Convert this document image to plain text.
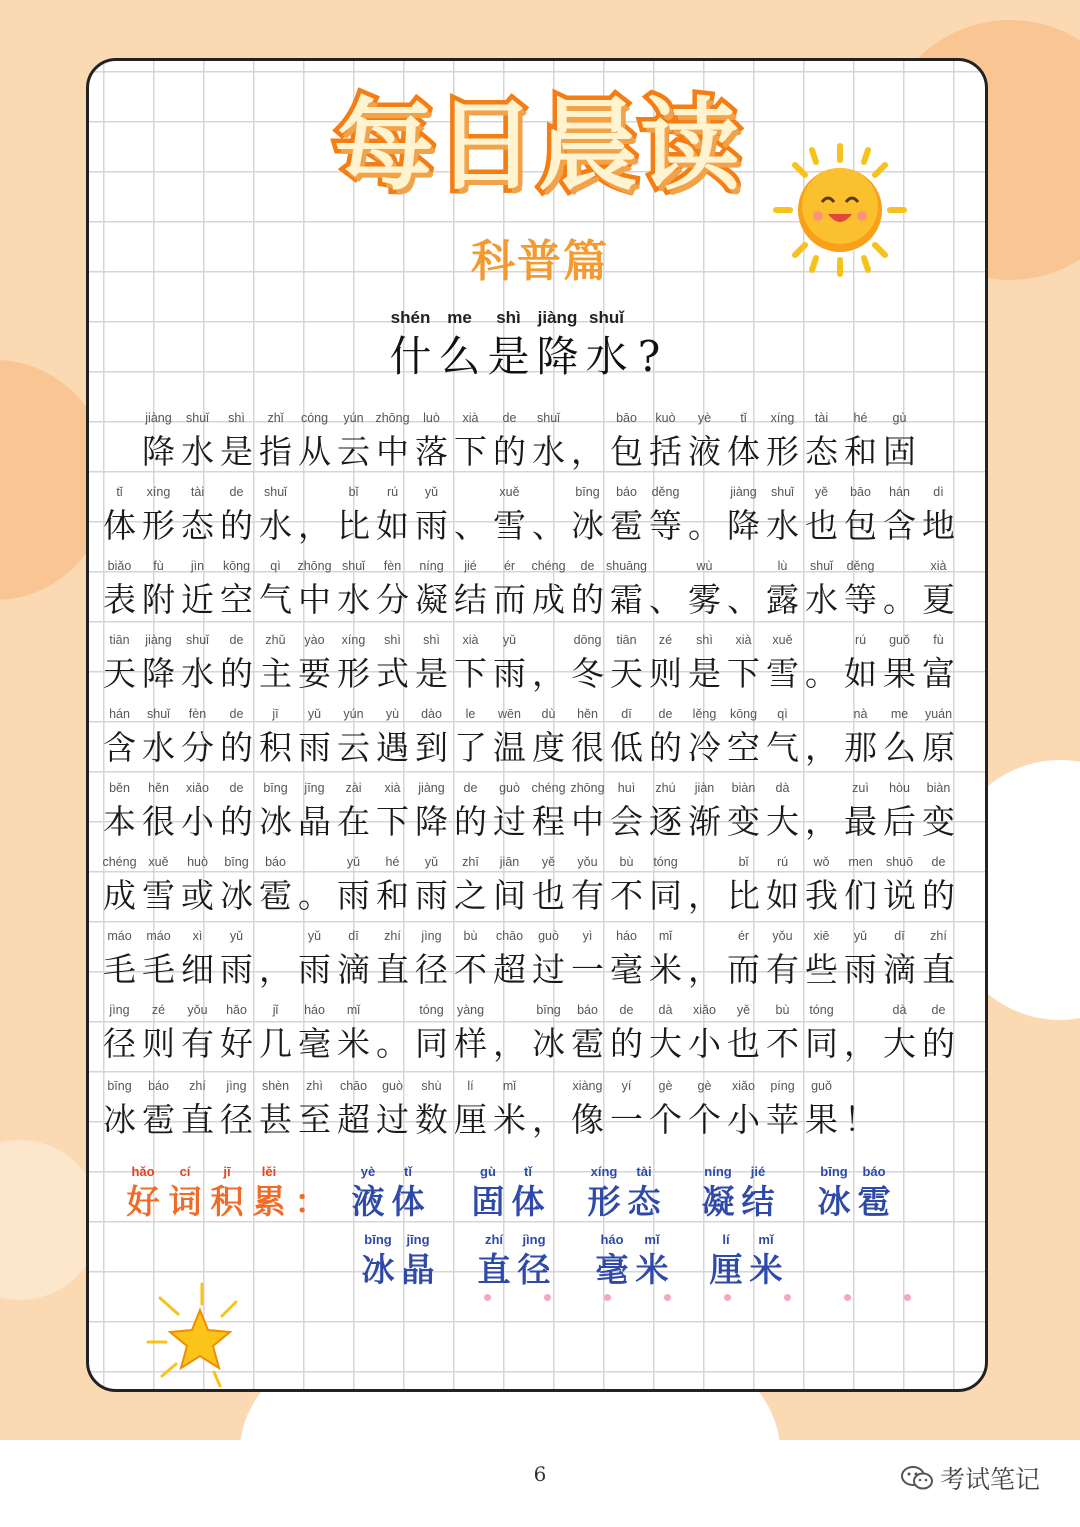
每日晨读
科普篇
shén
什
me
么
shì
是
jiàng
降
shuǐ
水 ?
jiàng
降
shuǐ
水
shì
是
zhǐ
指
cóng
从
yún
云
zhōng
中
luò
落
xià
下
de
的
shuǐ
水 ，
bāo
包
kuò
括
yè
液
tǐ
体
xíng
形
tài
态
hé
和
gù
固
tǐ
体
xíng
形
tài
态
de
的
shuǐ
水 ，
bǐ
比
rú
如
yǔ
雨 、
xuě
雪 、
bīng
冰
báo
雹
děng
等 。
jiàng
降
shuǐ
水
yě
也
bāo
包
hán
含
dì
地
biǎo
表
fù
附
jìn
近
kōng
空
qì
气
zhōng
中
shuǐ
水
fèn
分
níng
凝
jié
结
ér
而
chéng
成
de
的
shuāng
霜 、
wù
雾 、
lù
露
shuǐ
水
děng
等 。
xià
夏
tiān
天
jiàng
降
shuǐ
水
de
的
zhǔ
主
yào
要
xíng
形
shì
式
shì
是
xià
下
yǔ
雨 ，
dōng
冬
tiān
天
zé
则
shì
是
xià
下
xuě
雪 。
rú
如
guǒ
果
fù
富
hán
含
shuǐ
水
fèn
分
de
的
jī
积
yǔ
雨
yún
云
yù
遇
dào
到
le
了
wēn
温
dù
度
hěn
很
dī
低
de
的
lěng
冷
kōng
空
qì
气 ，
nà
那
me
么
yuán
原
běn
本
hěn
很
xiǎo
小
de
的
bīng
冰
jīng
晶
zài
在
xià
下
jiàng
降
de
的
guò
过
chéng
程
zhōng
中
huì
会
zhú
逐
jiàn
渐
biàn
变
dà
大 ，
zuì
最
hòu
后
biàn
变
chéng
成
xuě
雪
huò
或
bīng
冰
báo
雹 。
yǔ
雨
hé
和
yǔ
雨
zhī
之
jiān
间
yě
也
yǒu
有
bù
不
tóng
同 ，
bǐ
比
rú
如
wǒ
我
men
们
shuō
说
de
的
máo
毛
máo
毛
xì
细
yǔ
雨 ，
yǔ
雨
dī
滴
zhí
直
jìng
径
bù
不
chāo
超
guò
过
yì
一
háo
毫
mǐ
米 ，
ér
而
yǒu
有
xiē
些
yǔ
雨
dī
滴
zhí
直
jìng
径
zé
则
yǒu
有
hǎo
好
jǐ
几
háo
毫
mǐ
米 。
tóng
同
yàng
样 ，
bīng
冰
báo
雹
de
的
dà
大
xiǎo
小
yě
也
bù
不
tóng
同 ，
dà
大
de
的
bīng
冰
báo
雹
zhí
直
jìng
径
shèn
甚
zhì
至
chāo
超
guò
过
shù
数
lí
厘
mǐ
米 ，
xiàng
像
yí
一
gè
个
gè
个
xiǎo
小
píng
苹
guǒ
果 ！
hǎo
好
cí
词
jī
积
lěi
累 ：
yè
液
tǐ
体
gù
固
tǐ
体
xíng
形
tài
态
níng
凝
jié
结
bīng
冰
báo
雹
bīng
冰
jīng
晶
zhí
直
jìng
径
háo
毫
mǐ
米
lí
厘
mǐ
米
6	考试笔记
